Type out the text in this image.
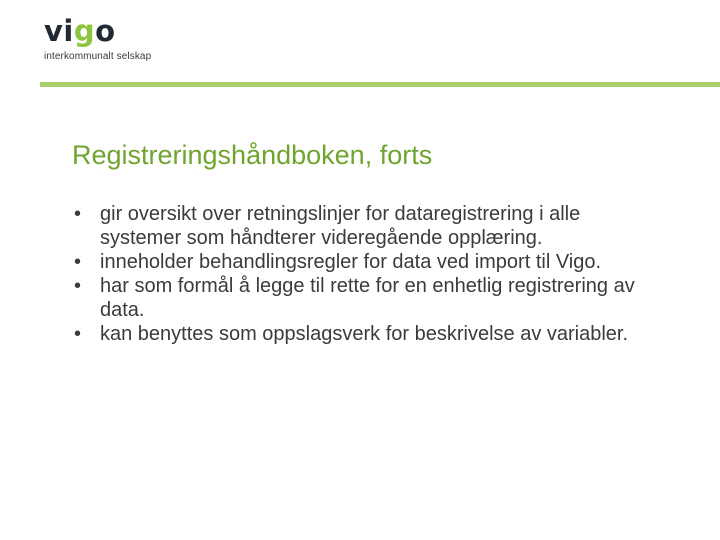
vigo
interkommunalt selskap
Registreringshåndboken, forts
• gir oversikt over retningslinjer for dataregistrering i alle systemer som håndterer videregående opplæring.
• inneholder behandlingsregler for data ved import til Vigo.
• har som formål å legge til rette for en enhetlig registrering av data.
• kan benyttes som oppslagsverk for beskrivelse av variabler.
